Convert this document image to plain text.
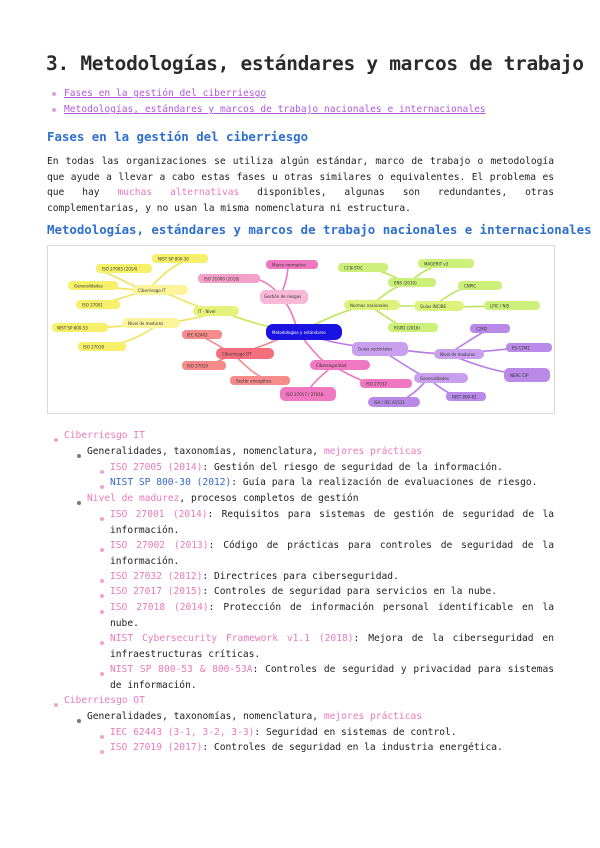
3. Metodologías, estándares y marcos de trabajo
Fases en la gestión del ciberriesgo
Metodologías, estándares y marcos de trabajo nacionales e internacionales
Fases en la gestión del ciberriesgo
En todas las organizaciones se utiliza algún estándar, marco de trabajo o metodología que ayude a llevar a cabo estas fases u otras similares o equivalentes. El problema es que hay muchas alternativas disponibles, algunas son redundantes, otras complementarias, y no usan la misma nomenclatura ni estructura.
Metodologías, estándares y marcos de trabajo nacionales e internacionales
ISO 27005 (2014)
NIST SP 800-30
Generalidades
Ciberriesgo IT
ISO 27001
IT · Nivel
Nivel de madurez
NIST SP 800-53
ISO 27018
IEC 62443
Ciberriesgo OT
ISO 27019
Sector energético
Marco normativo
ISO 31000 (2018)
Gestión de riesgos
Metodologías y estándares
Normas nacionales
ENS (2010)
CCN-STIC
MAGERIT v3
Guías INCIBE
CNPIC
LPIC / NIS
RGPD (2016)
Guías sectoriales
Nivel de madurez
C2M2
ES-C2M2
NERC CIP
Generalidades
ISA / IEC 61511
NIST 800-82
Ciberseguridad
ISO 27032
ISO 27017 / 27018
Ciberriesgo IT
Generalidades, taxonomías, nomenclatura, mejores prácticas
ISO 27005 (2014): Gestión del riesgo de seguridad de la información.
NIST SP 800-30 (2012): Guía para la realización de evaluaciones de riesgo.
Nivel de madurez, procesos completos de gestión
ISO 27001 (2014): Requisitos para sistemas de gestión de seguridad de la información.
ISO 27002 (2013): Código de prácticas para controles de seguridad de la información.
ISO 27032 (2012): Directrices para ciberseguridad.
ISO 27017 (2015): Controles de seguridad para servicios en la nube.
ISO 27018 (2014): Protección de información personal identificable en la nube.
NIST Cybersecurity Framework v1.1 (2018): Mejora de la ciberseguridad en infraestructuras críticas.
NIST SP 800-53 & 800-53A: Controles de seguridad y privacidad para sistemas de información.
Ciberriesgo OT
Generalidades, taxonomías, nomenclatura, mejores prácticas
IEC 62443 (3-1, 3-2, 3-3): Seguridad en sistemas de control.
ISO 27019 (2017): Controles de seguridad en la industria energética.
